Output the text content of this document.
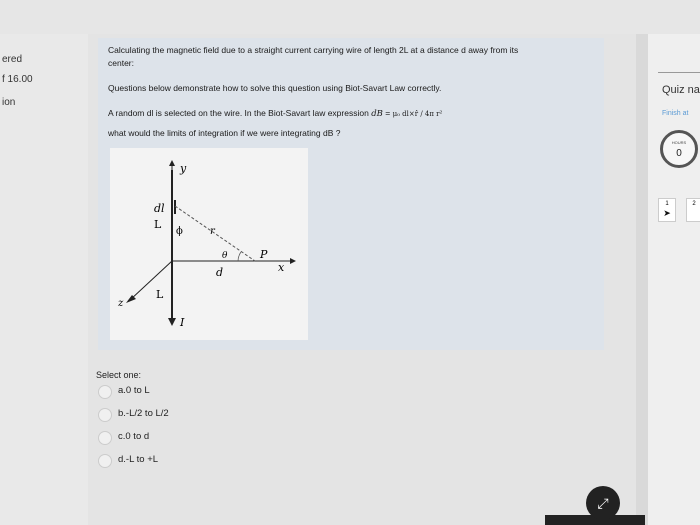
ered
f 16.00
ion
Calculating the magnetic field due to a straight current carrying wire of length 2L at a distance d away from its
center:
Questions below demonstrate how to solve this question using Biot-Savart Law correctly.
A random dl is selected on the wire. In the Biot-Savart law expression dB = μ₀ dl×r̂ / 4π r²
what would the limits of integration if we were integrating dB ?
y
dl
L
ϕ	r
θ	P
x
d
L
z
I
Select one:
a.0 to L
b.-L/2 to L/2
c.0 to d
d.-L to +L
Quiz na
Finish at
HOURS
0
1
➤
2
⤢
